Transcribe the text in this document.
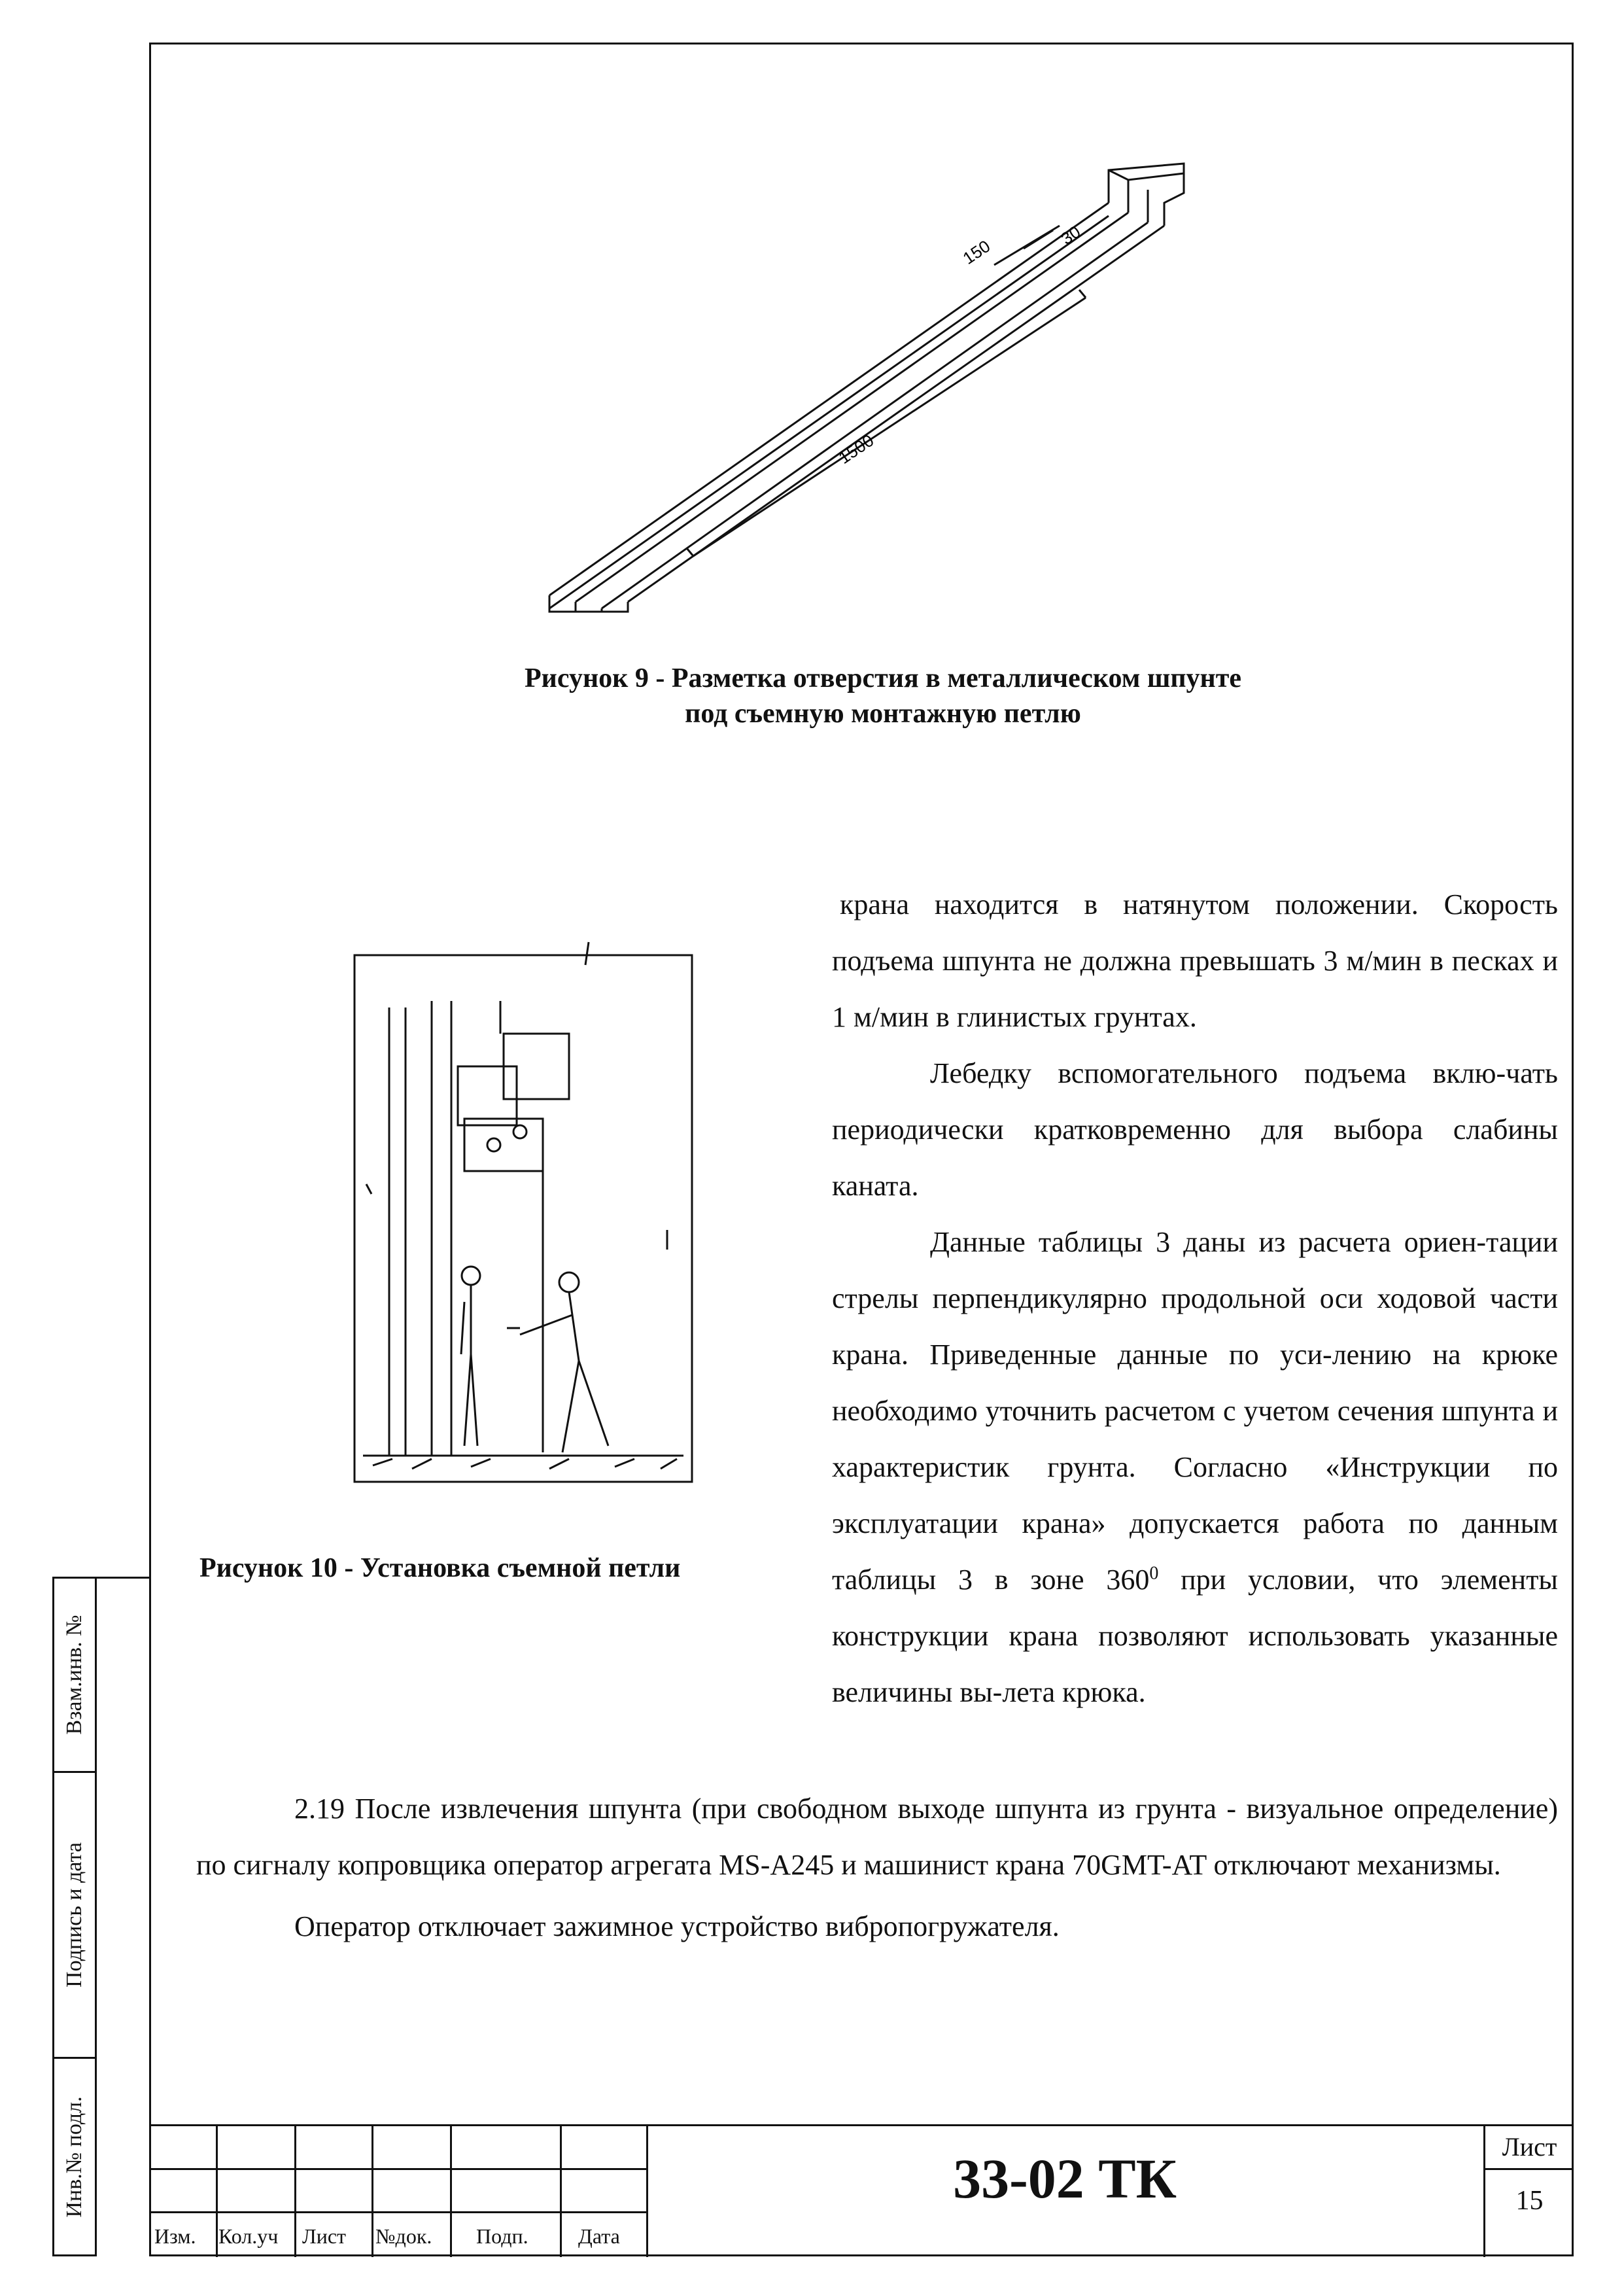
150
30
1500
Рисунок 9 - Разметка отверстия в металлическом шпунте
под съемную монтажную петлю
Рисунок 10 - Установка съемной петли

крана находится в натянутом положении. Скорость подъема шпунта не должна превышать 3 м/мин в песках и 1 м/мин в глинистых грунтах.

Лебедку вспомогательного подъема вклю-чать периодически кратковременно для выбора слабины каната.

Данные таблицы 3 даны из расчета ориен-тации стрелы перпендикулярно продольной оси ходовой части крана. Приведенные данные по уси-лению на крюке необходимо уточнить расчетом с учетом сечения шпунта и характеристик грунта. Согласно «Инструкции по эксплуатации крана» допускается работа по данным таблицы 3 в зоне $360^0$ при условии, что элементы конструкции крана позволяют использовать указанные величины вы-лета крюка.

2.19 После извлечения шпунта (при свободном выходе шпунта из грунта - визуальное определение) по сигналу копровщика оператор агрегата MS-A245 и машинист крана 70GMT-AT отключают механизмы.

Оператор отключает зажимное устройство вибропогружателя.

Взам.инв. №
Подпись и дата
Инв.№ подл.
Изм. Кол.уч Лист №док. Подп. Дата
33-02 ТК
Лист
15
